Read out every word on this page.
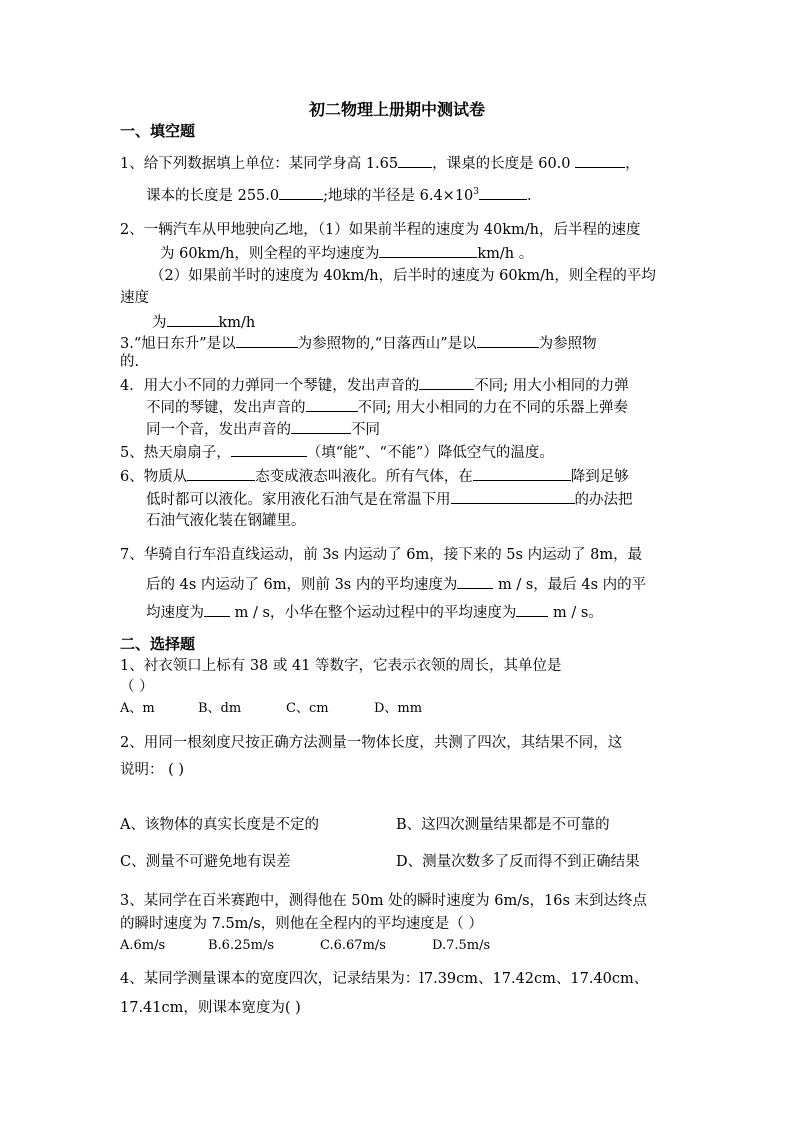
初二物理上册期中测试卷
一、填空题
1、给下列数据填上单位：某同学身高 1.65 ，课桌的长度是 60.0	，
课本的长度是 255.0	;地球的半径是 $6.4\times 10^3$	.
2、一辆汽车从甲地驶向乙地，（1）如果前半程的速度为 40km/h，后半程的速度
为 60km/h，则全程的平均速度为	km/h 。
（2）如果前半时的速度为 40km/h，后半时的速度为 60km/h，则全程的平均
速度
为	km/h
3.“旭日东升”是以	为参照物的,“日落西山”是以	为参照物
的.
4．用大小不同的力弹同一个琴键，发出声音的	不同; 用大小相同的力弹
不同的琴键，发出声音的	不同; 用大小相同的力在不同的乐器上弹奏
同一个音，发出声音的	不同
5、热天扇扇子，	（填“能”、“不能”）降低空气的温度。
6、物质从	态变成液态叫液化。所有气体，在	降到足够
低时都可以液化。家用液化石油气是在常温下用	的办法把
石油气液化装在钢罐里。
7、华骑自行车沿直线运动，前 3s 内运动了 6m，接下来的 5s 内运动了 8m，最
后的 4s 内运动了 6m，则前 3s 内的平均速度为	m / s，最后 4s 内的平
均速度为 m / s，小华在整个运动过程中的平均速度为	m / s。
二、选择题
1、衬衣领口上标有 38 或 41 等数字，它表示衣领的周长，其单位是
（ ）
A、m	B、dm	C、cm	D、mm
2、用同一根刻度尺按正确方法测量一物体长度，共测了四次，其结果不同，这
说明： ( )
A、该物体的真实长度是不定的	B、这四次测量结果都是不可靠的
C、测量不可避免地有误差	D、测量次数多了反而得不到正确结果
3、某同学在百米赛跑中，测得他在 50m 处的瞬时速度为 6m/s，16s 末到达终点
的瞬时速度为 7.5m/s，则他在全程内的平均速度是（ ）
A.6m/s	B.6.25m/s	C.6.67m/s	D.7.5m/s
4、某同学测量课本的宽度四次，记录结果为：l7.39cm、17.42cm、17.40cm、
17.41cm，则课本宽度为( )
